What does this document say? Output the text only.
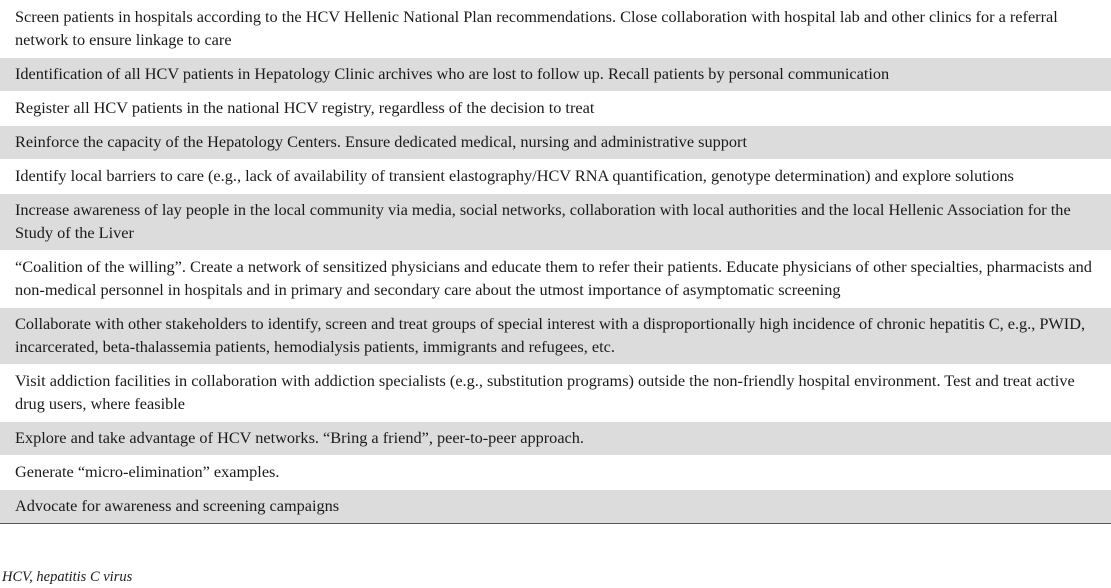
Screen patients in hospitals according to the HCV Hellenic National Plan recommendations. Close collaboration with hospital lab and other clinics for a referral network to ensure linkage to care
Identification of all HCV patients in Hepatology Clinic archives who are lost to follow up. Recall patients by personal communication
Register all HCV patients in the national HCV registry, regardless of the decision to treat
Reinforce the capacity of the Hepatology Centers. Ensure dedicated medical, nursing and administrative support
Identify local barriers to care (e.g., lack of availability of transient elastography/HCV RNA quantification, genotype determination) and explore solutions
Increase awareness of lay people in the local community via media, social networks, collaboration with local authorities and the local Hellenic Association for the Study of the Liver
“Coalition of the willing”. Create a network of sensitized physicians and educate them to refer their patients. Educate physicians of other specialties, pharmacists and non-medical personnel in hospitals and in primary and secondary care about the utmost importance of asymptomatic screening
Collaborate with other stakeholders to identify, screen and treat groups of special interest with a disproportionally high incidence of chronic hepatitis C, e.g., PWID, incarcerated, beta-thalassemia patients, hemodialysis patients, immigrants and refugees, etc.
Visit addiction facilities in collaboration with addiction specialists (e.g., substitution programs) outside the non-friendly hospital environment. Test and treat active drug users, where feasible
Explore and take advantage of HCV networks. “Bring a friend”, peer-to-peer approach.
Generate “micro-elimination” examples.
Advocate for awareness and screening campaigns
HCV, hepatitis C virus
